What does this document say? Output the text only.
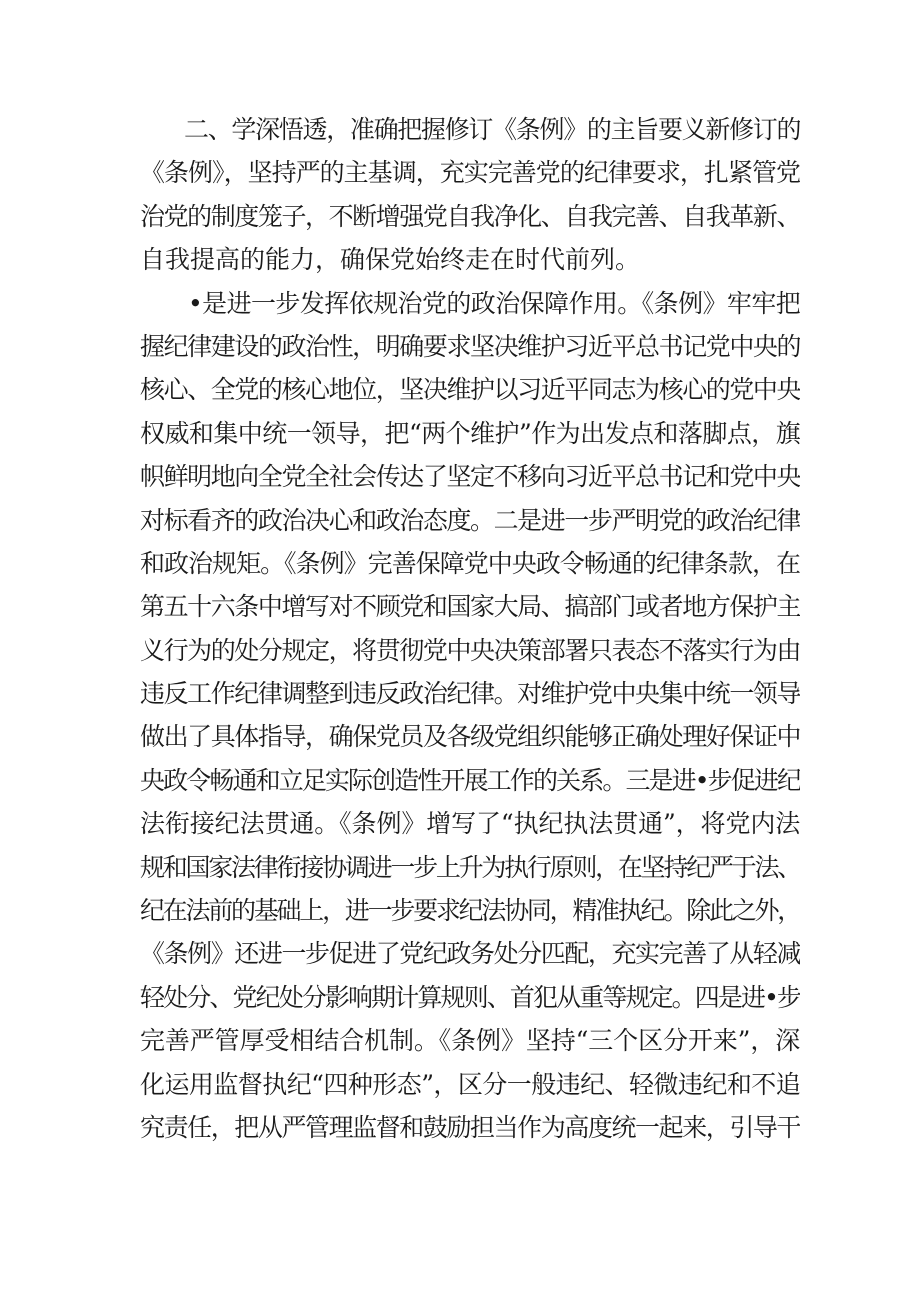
二、学深悟透，准确把握修订《条例》的主旨要义新修订的
《条例》，坚持严的主基调，充实完善党的纪律要求，扎紧管党
治党的制度笼子，不断增强党自我净化、自我完善、自我革新、
自我提高的能力，确保党始终走在时代前列。
•是进一步发挥依规治党的政治保障作用。《条例》牢牢把
握纪律建设的政治性，明确要求坚决维护习近平总书记党中央的
核心、全党的核心地位，坚决维护以习近平同志为核心的党中央
权威和集中统一领导，把“两个维护”作为出发点和落脚点，旗
帜鲜明地向全党全社会传达了坚定不移向习近平总书记和党中央
对标看齐的政治决心和政治态度。二是进一步严明党的政治纪律
和政治规矩。《条例》完善保障党中央政令畅通的纪律条款，在
第五十六条中增写对不顾党和国家大局、搞部门或者地方保护主
义行为的处分规定，将贯彻党中央决策部署只表态不落实行为由
违反工作纪律调整到违反政治纪律。对维护党中央集中统一领导
做出了具体指导，确保党员及各级党组织能够正确处理好保证中
央政令畅通和立足实际创造性开展工作的关系。三是进•步促进纪
法衔接纪法贯通。《条例》增写了“执纪执法贯通”，将党内法
规和国家法律衔接协调进一步上升为执行原则，在坚持纪严于法、
纪在法前的基础上，进一步要求纪法协同，精准执纪。除此之外，
《条例》还进一步促进了党纪政务处分匹配，充实完善了从轻减
轻处分、党纪处分影响期计算规则、首犯从重等规定。四是进•步
完善严管厚受相结合机制。《条例》坚持“三个区分开来”，深
化运用监督执纪“四种形态”，区分一般违纪、轻微违纪和不追
究责任，把从严管理监督和鼓励担当作为高度统一起来，引导干
